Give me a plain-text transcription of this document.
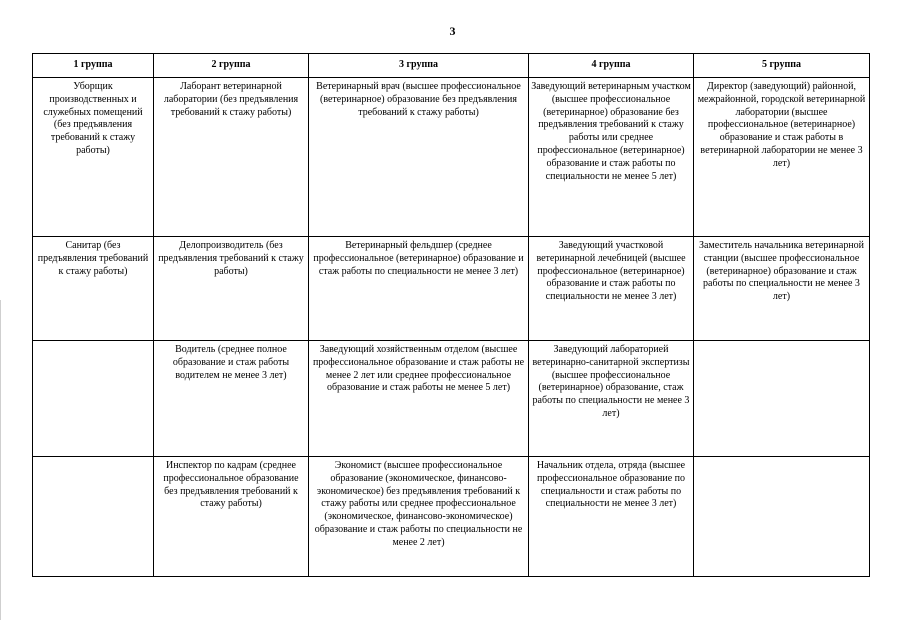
3
1 группа	2 группа	3 группа	4 группа	5 группа
Уборщик производственных и служебных помещений (без предъявления требований к стажу работы)	Лаборант ветеринарной лаборатории (без предъявления требований к стажу работы)	Ветеринарный врач (высшее профессиональное (ветеринарное) образование без предъявления требований к стажу работы)	Заведующий ветеринарным участком (высшее профессиональное (ветеринарное) образование без предъявления требований к стажу работы или среднее профессиональное (ветеринарное) образование и стаж работы по специальности не менее 5 лет)	Директор (заведующий) районной, межрайонной, городской ветеринарной лаборатории (высшее профессиональное (ветеринарное) образование и стаж работы в ветеринарной лаборатории не менее 3 лет)
Санитар (без предъявления требований к стажу работы)	Делопроизводитель (без предъявления требований к стажу работы)	Ветеринарный фельдшер (среднее профессиональное (ветеринарное) образование и стаж работы по специальности не менее 3 лет)	Заведующий участковой ветеринарной лечебницей (высшее профессиональное (ветеринарное) образование и стаж работы по специальности не менее 3 лет)	Заместитель начальника ветеринарной станции (высшее профессиональное (ветеринарное) образование и стаж работы по специальности не менее 3 лет)
	Водитель (среднее полное образование и стаж работы водителем не менее 3 лет)	Заведующий хозяйственным отделом (высшее профессиональное образование и стаж работы не менее 2 лет или среднее профессиональное образование и стаж работы не менее 5 лет)	Заведующий лабораторией ветеринарно-санитарной экспертизы (высшее профессиональное (ветеринарное) образование, стаж работы по специальности не менее 3 лет)	
	Инспектор по кадрам (среднее профессиональное образование без предъявления требований к стажу работы)	Экономист (высшее профессиональное образование (экономическое, финансово-экономическое) без предъявления требований к стажу работы или среднее профессиональное (экономическое, финансово-экономическое) образование и стаж работы по специальности не менее 2 лет)	Начальник отдела, отряда (высшее профессиональное образование по специальности и стаж работы по специальности не менее 3 лет)	
